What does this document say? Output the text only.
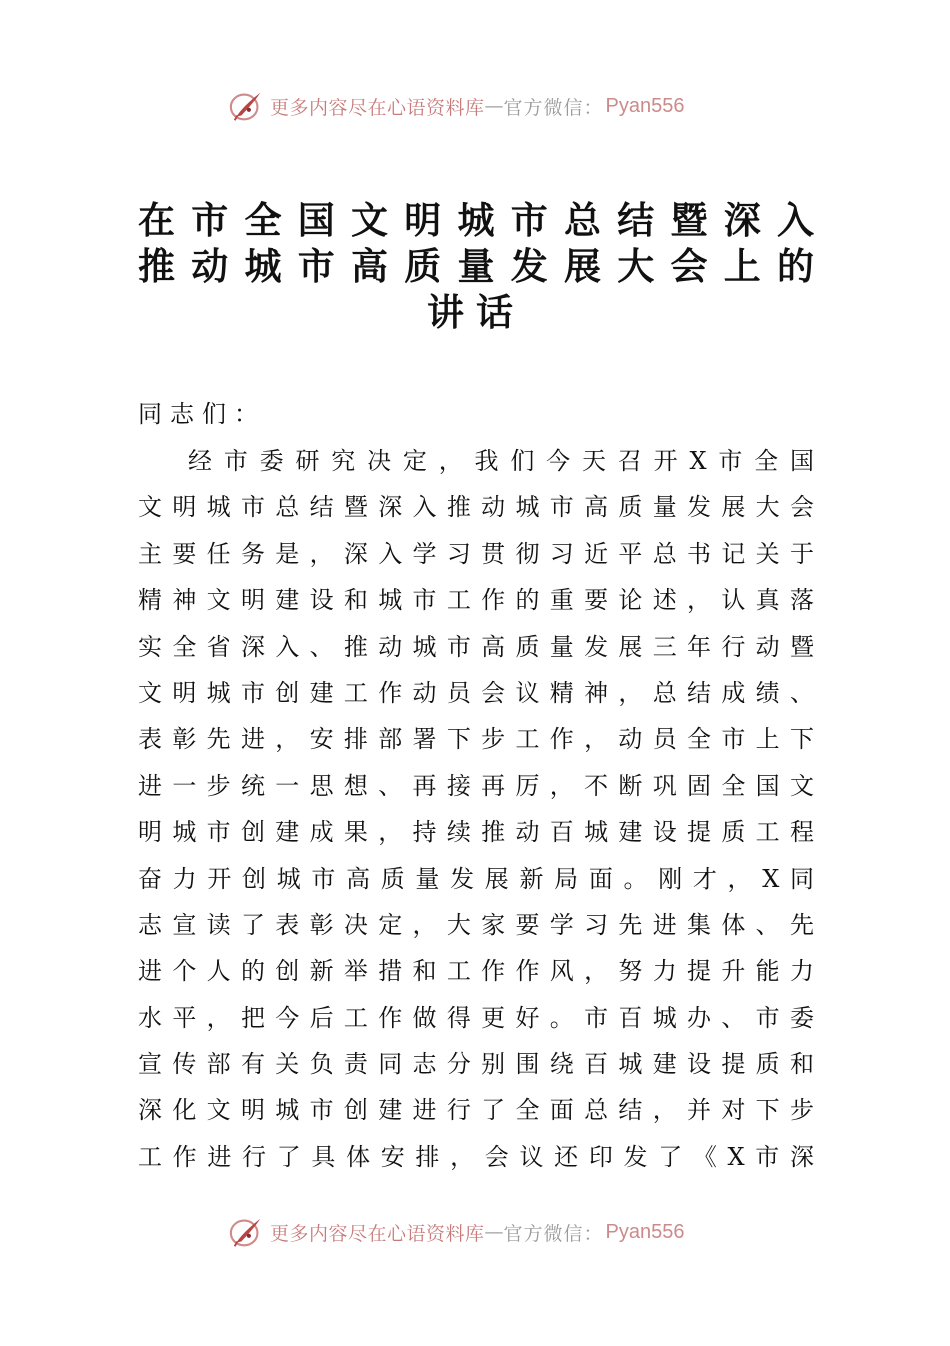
更多内容尽在心语资料库 — 官方微信： Pyan556
在市全国文明城市总结暨深入
推动城市高质量发展大会上的
讲话

同志们：

经市委研究决定，我们今天召开X市全国
文明城市总结暨深入推动城市高质量发展大会
主要任务是，深入学习贯彻习近平总书记关于
精神文明建设和城市工作的重要论述，认真落
实全省深入、推动城市高质量发展三年行动暨
文明城市创建工作动员会议精神，总结成绩、
表彰先进，安排部署下步工作，动员全市上下
进一步统一思想、再接再厉，不断巩固全国文
明城市创建成果，持续推动百城建设提质工程
奋力开创城市高质量发展新局面。刚才，X同
志宣读了表彰决定，大家要学习先进集体、先
进个人的创新举措和工作作风，努力提升能力
水平，把今后工作做得更好。市百城办、市委
宣传部有关负责同志分别围绕百城建设提质和
深化文明城市创建进行了全面总结，并对下步
工作进行了具体安排，会议还印发了《X市深
更多内容尽在心语资料库 — 官方微信： Pyan556
